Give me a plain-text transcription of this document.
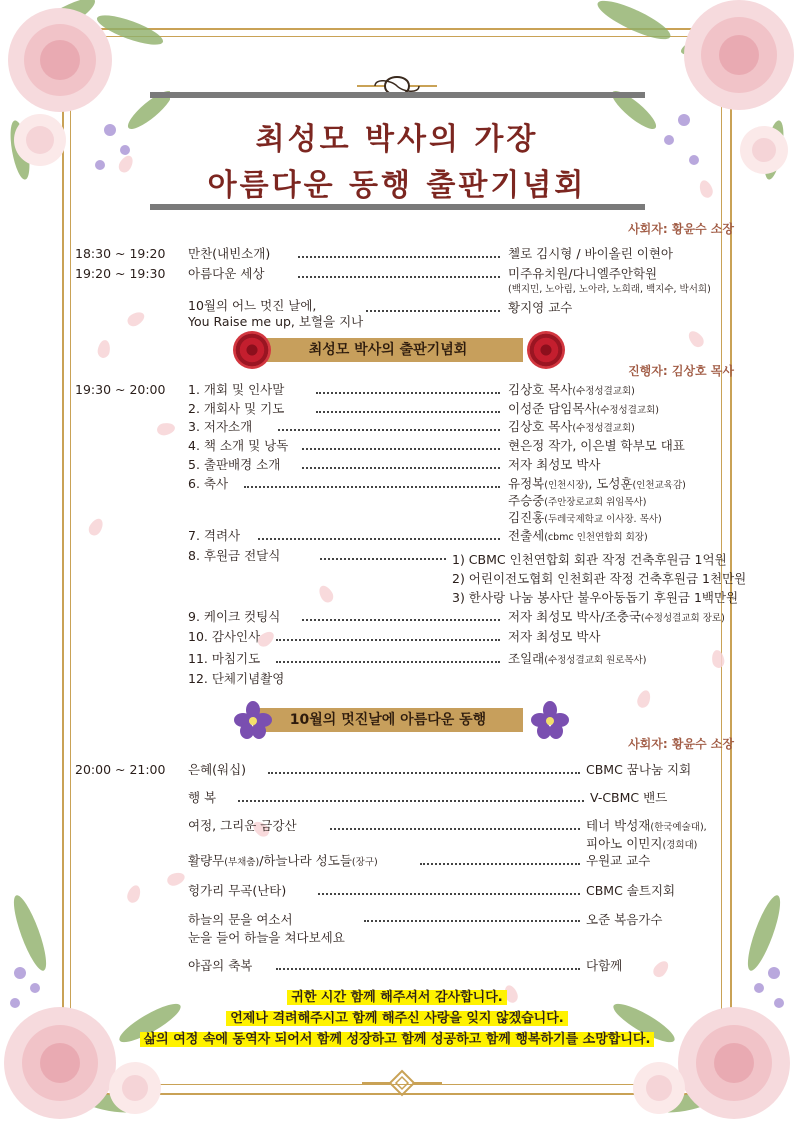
최성모 박사의 가장
아름다운 동행 출판기념회
사회자: 황윤수 소장
18:30 ~ 19:20 만찬(내빈소개)	첼로 김시형 / 바이올린 이현아
19:20 ~ 19:30 아름다운 세상	미주유치원/다니엘주안학원
(백지민, 노아림, 노아라, 노희래, 백지수, 박서희)
10월의 어느 멋진 날에,
You Raise me up, 보혈을 지나
황지영 교수
최성모 박사의 출판기념회
진행자: 김상호 목사
19:30 ~ 20:00 1. 개회 및 인사말	김상호 목사(수정성결교회)
2. 개회사 및 기도	이성준 담임목사(수정성결교회)
3. 저자소개	김상호 목사(수정성결교회)
4. 책 소개 및 낭독	현은정 작가, 이은별 학부모 대표
5. 출판배경 소개	저자 최성모 박사
6. 축사	유정복(인천시장), 도성훈(인천교육감)
주승중(주안장로교회 위임목사)
김진홍(두레국제학교 이사장. 목사)
7. 격려사	전출세(cbmc 인천연합회 회장)
8. 후원금 전달식	1) CBMC 인천연합회 회관 작정 건축후원금 1억원
2) 어린이전도협회 인천회관 작정 건축후원금 1천만원
3) 한사랑 나눔 봉사단 불우아동돕기 후원금 1백만원
9. 케이크 컷팅식	저자 최성모 박사/조충국(수정성결교회 장로)
10. 감사인사	저자 최성모 박사
11. 마침기도	조일래(수정성결교회 원로목사)
12. 단체기념촬영
10월의 멋진날에 아름다운 동행
사회자: 황윤수 소장
20:00 ~ 21:00 은혜(워십)	CBMC 꿈나눔 지회
행 복	V-CBMC 밴드
여정, 그리운 금강산	테너 박성재(한국예술대),
피아노 이민지(경희대)
활량무(부채춤)/하늘나라 성도들(장구)	우원교 교수
헝가리 무곡(난타)	CBMC 솔트지회
하늘의 문을 여소서
눈을 들어 하늘을 쳐다보세요
오준 복음가수
야곱의 축복	다함께
귀한 시간 함께 해주셔서 감사합니다.
언제나 격려해주시고 함께 해주신 사랑을 잊지 않겠습니다.
삶의 여정 속에 동역자 되어서 함께 성장하고 함께 성공하고 함께 행복하기를 소망합니다.
